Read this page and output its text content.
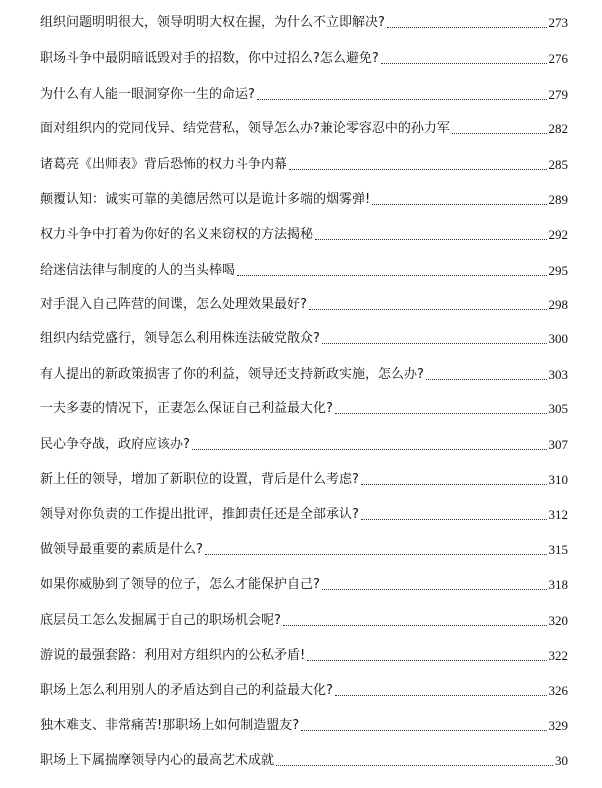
组织问题明明很大，领导明明大权在握，为什么不立即解决?	273
职场斗争中最阴暗诋毁对手的招数，你中过招么?怎么避免?	276
为什么有人能一眼洞穿你一生的命运?	279
面对组织内的党同伐异、结党营私，领导怎么办?兼论零容忍中的孙力军	282
诸葛亮《出师表》背后恐怖的权力斗争内幕	285
颠覆认知：诚实可靠的美德居然可以是诡计多端的烟雾弹!	289
权力斗争中打着为你好的名义来窃权的方法揭秘	292
给迷信法律与制度的人的当头棒喝	295
对手混入自己阵营的间谍，怎么处理效果最好?	298
组织内结党盛行，领导怎么利用株连法破党散众?	300
有人提出的新政策损害了你的利益，领导还支持新政实施，怎么办?	303
一夫多妻的情况下，正妻怎么保证自己利益最大化?	305
民心争夺战，政府应该办?	307
新上任的领导，增加了新职位的设置，背后是什么考虑?	310
领导对你负责的工作提出批评，推卸责任还是全部承认?	312
做领导最重要的素质是什么?	315
如果你威胁到了领导的位子，怎么才能保护自己?	318
底层员工怎么发掘属于自己的职场机会呢?	320
游说的最强套路：利用对方组织内的公私矛盾!	322
职场上怎么利用别人的矛盾达到自己的利益最大化?	326
独木难支、非常痛苦!那职场上如何制造盟友?	329
职场上下属揣摩领导内心的最高艺术成就	30
